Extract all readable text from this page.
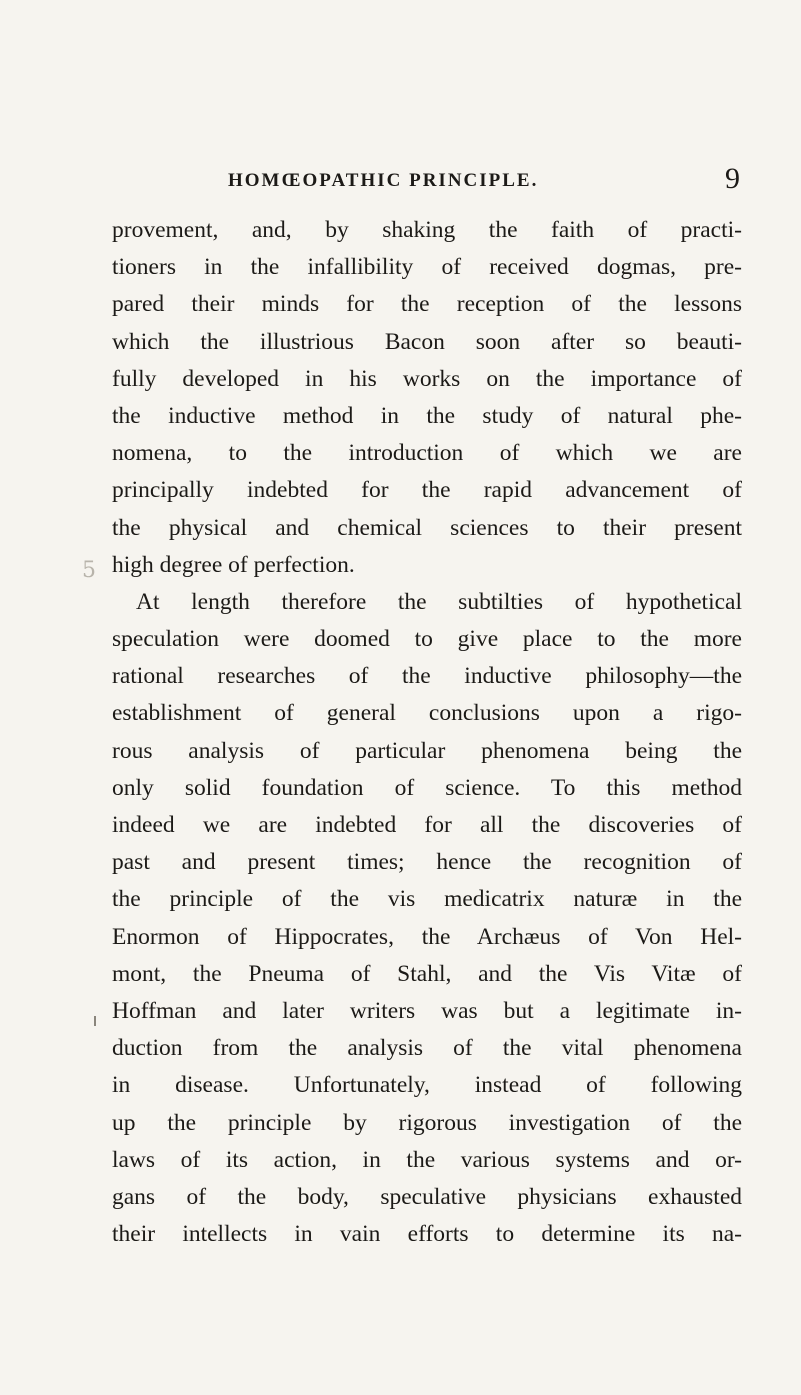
HOMŒOPATHIC PRINCIPLE.	9
5
provement, and, by shaking the faith of practi-
tioners in the infallibility of received dogmas, pre-
pared their minds for the reception of the lessons
which the illustrious Bacon soon after so beauti-
fully developed in his works on the importance of
the inductive method in the study of natural phe-
nomena, to the introduction of which we are
principally indebted for the rapid advancement of
the physical and chemical sciences to their present
high degree of perfection.
At length therefore the subtilties of hypothetical
speculation were doomed to give place to the more
rational researches of the inductive philosophy—the
establishment of general conclusions upon a rigo-
rous analysis of particular phenomena being the
only solid foundation of science. To this method
indeed we are indebted for all the discoveries of
past and present times; hence the recognition of
the principle of the vis medicatrix naturæ in the
Enormon of Hippocrates, the Archæus of Von Hel-
mont, the Pneuma of Stahl, and the Vis Vitæ of
Hoffman and later writers was but a legitimate in-
duction from the analysis of the vital phenomena
in disease. Unfortunately, instead of following
up the principle by rigorous investigation of the
laws of its action, in the various systems and or-
gans of the body, speculative physicians exhausted
their intellects in vain efforts to determine its na-
